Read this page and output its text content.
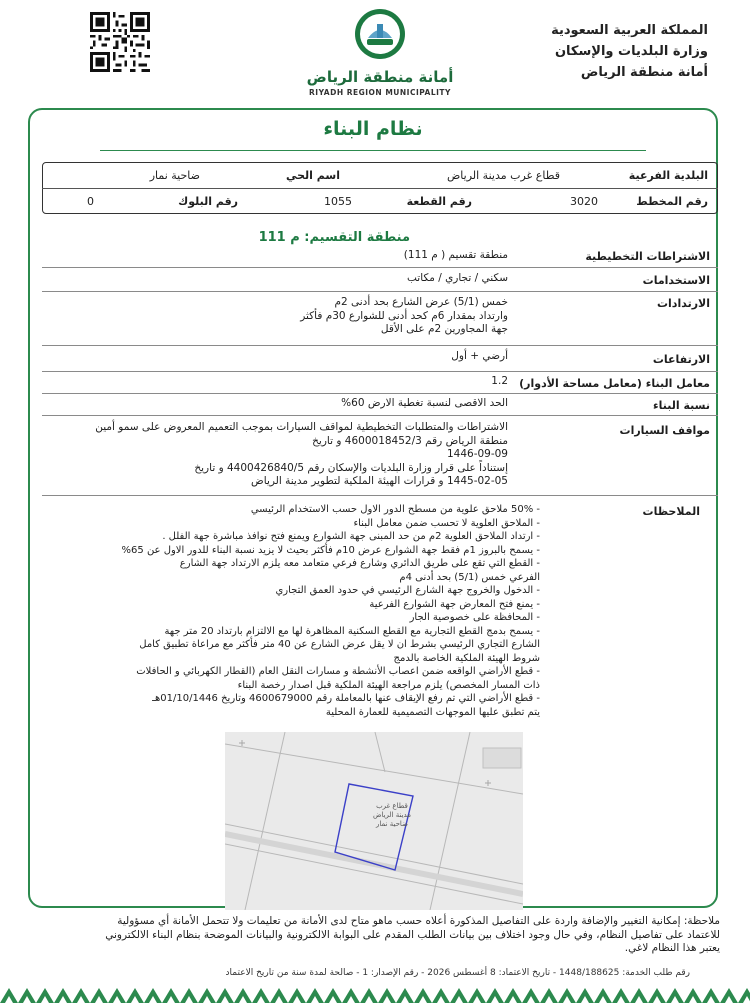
أمانة منطقة الرياض
RIYADH REGION MUNICIPALITY
المملكة العربية السعودية
وزارة البلديات والإسكان
أمانة منطقة الرياض
نظام البناء
البلدية الفرعية
قطاع غرب مدينة الرياض
اسم الحي
ضاحية نمار
رقم المخطط
3020
رقم القطعة
1055
رقم البلوك
0
منطقة التقسيم: م 111
الاشتراطات التخطيطية
منطقة تقسيم ( م 111)
الاستخدامات
سكني / تجاري / مكاتب
الارتدادات
خمس (5/1) عرض الشارع بحد أدنى 2م
وارتداد بمقدار 6م كحد أدنى للشوارع 30م فأكثر
جهة المجاورين 2م على الأقل
الارتفاعات
أرضي + أول
معامل البناء (معامل مساحة الأدوار)
1.2
نسبة البناء
الحد الاقصى لنسبة تغطية الارض 60%
مواقف السيارات
الاشتراطات والمتطلبات التخطيطية لمواقف السيارات بموجب التعميم المعروض على سمو أمين
منطقة الرياض رقم 4600018452/3 و تاريخ
1446-09-09
إستناداً على قرار وزارة البلديات والإسكان رقم 4400426840/5 و تاريخ
1445-02-05 و قرارات الهيئة الملكية لتطوير مدينة الرياض
الملاحظات
- 50% ملاحق علوية من مسطح الدور الاول حسب الاستخدام الرئيسي
- الملاحق العلوية لا تحسب ضمن معامل البناء
- ارتداد الملاحق العلوية 2م من حد المبنى جهة الشوارع ويمنع فتح نوافذ مباشرة جهة الفلل .
- يسمح بالبروز 1م فقط جهة الشوارع عرض 10م فأكثر بحيث لا يزيد نسبة البناء للدور الاول عن 65%
- القطع التي تقع على طريق الدائري وشارع فرعي متعامد معه يلزم الارتداد جهة الشارع
الفرعي خمس (5/1) بحد أدنى 4م
- الدخول والخروج جهة الشارع الرئيسي في حدود العمق التجاري
- يمنع فتح المعارض جهة الشوارع الفرعية
- المحافظة على خصوصية الجار
- يسمح بدمج القطع التجارية مع القطع السكنية المظاهرة لها مع الالتزام بارتداد 20 متر جهة
الشارع التجاري الرئيسي بشرط ان لا يقل عرض الشارع عن 40 متر فأكثر مع مراعاة تطبيق كامل
شروط الهيئة الملكية الخاصة بالدمج
- قطع الأراضي الواقعه ضمن اعصاب الأنشطة و مسارات النقل العام (القطار الكهربائي و الحافلات
ذات المسار المخصص) يلزم مراجعة الهيئة الملكية قبل اصدار رخصة البناء
- قطع الأراضي التي تم رفع الإيقاف عنها بالمعاملة رقم 4600679000 وتاريخ 01/10/1446هـ
يتم تطبق عليها الموجهات التصميمية للعمارة المحلية
قطاع غرب
مدينة الرياض
ضاحية نمار
ملاحظة: إمكانية التغيير والإضافة واردة على التفاصيل المذكورة أعلاه حسب ماهو متاح لدى الأمانة من تعليمات ولا تتحمل الأمانة أي مسؤولية
للاعتماد على تفاصيل النظام، وفي حال وجود اختلاف بين بيانات الطلب المقدم على البوابة الالكترونية والبيانات الموضحة بنظام البناء الالكتروني
يعتبر هذا النظام لاغي.
رقم طلب الخدمة: 1448/188625 - تاريخ الاعتماد: 8 أغسطس 2026 - رقم الإصدار: 1 - صالحة لمدة سنة من تاريخ الاعتماد
